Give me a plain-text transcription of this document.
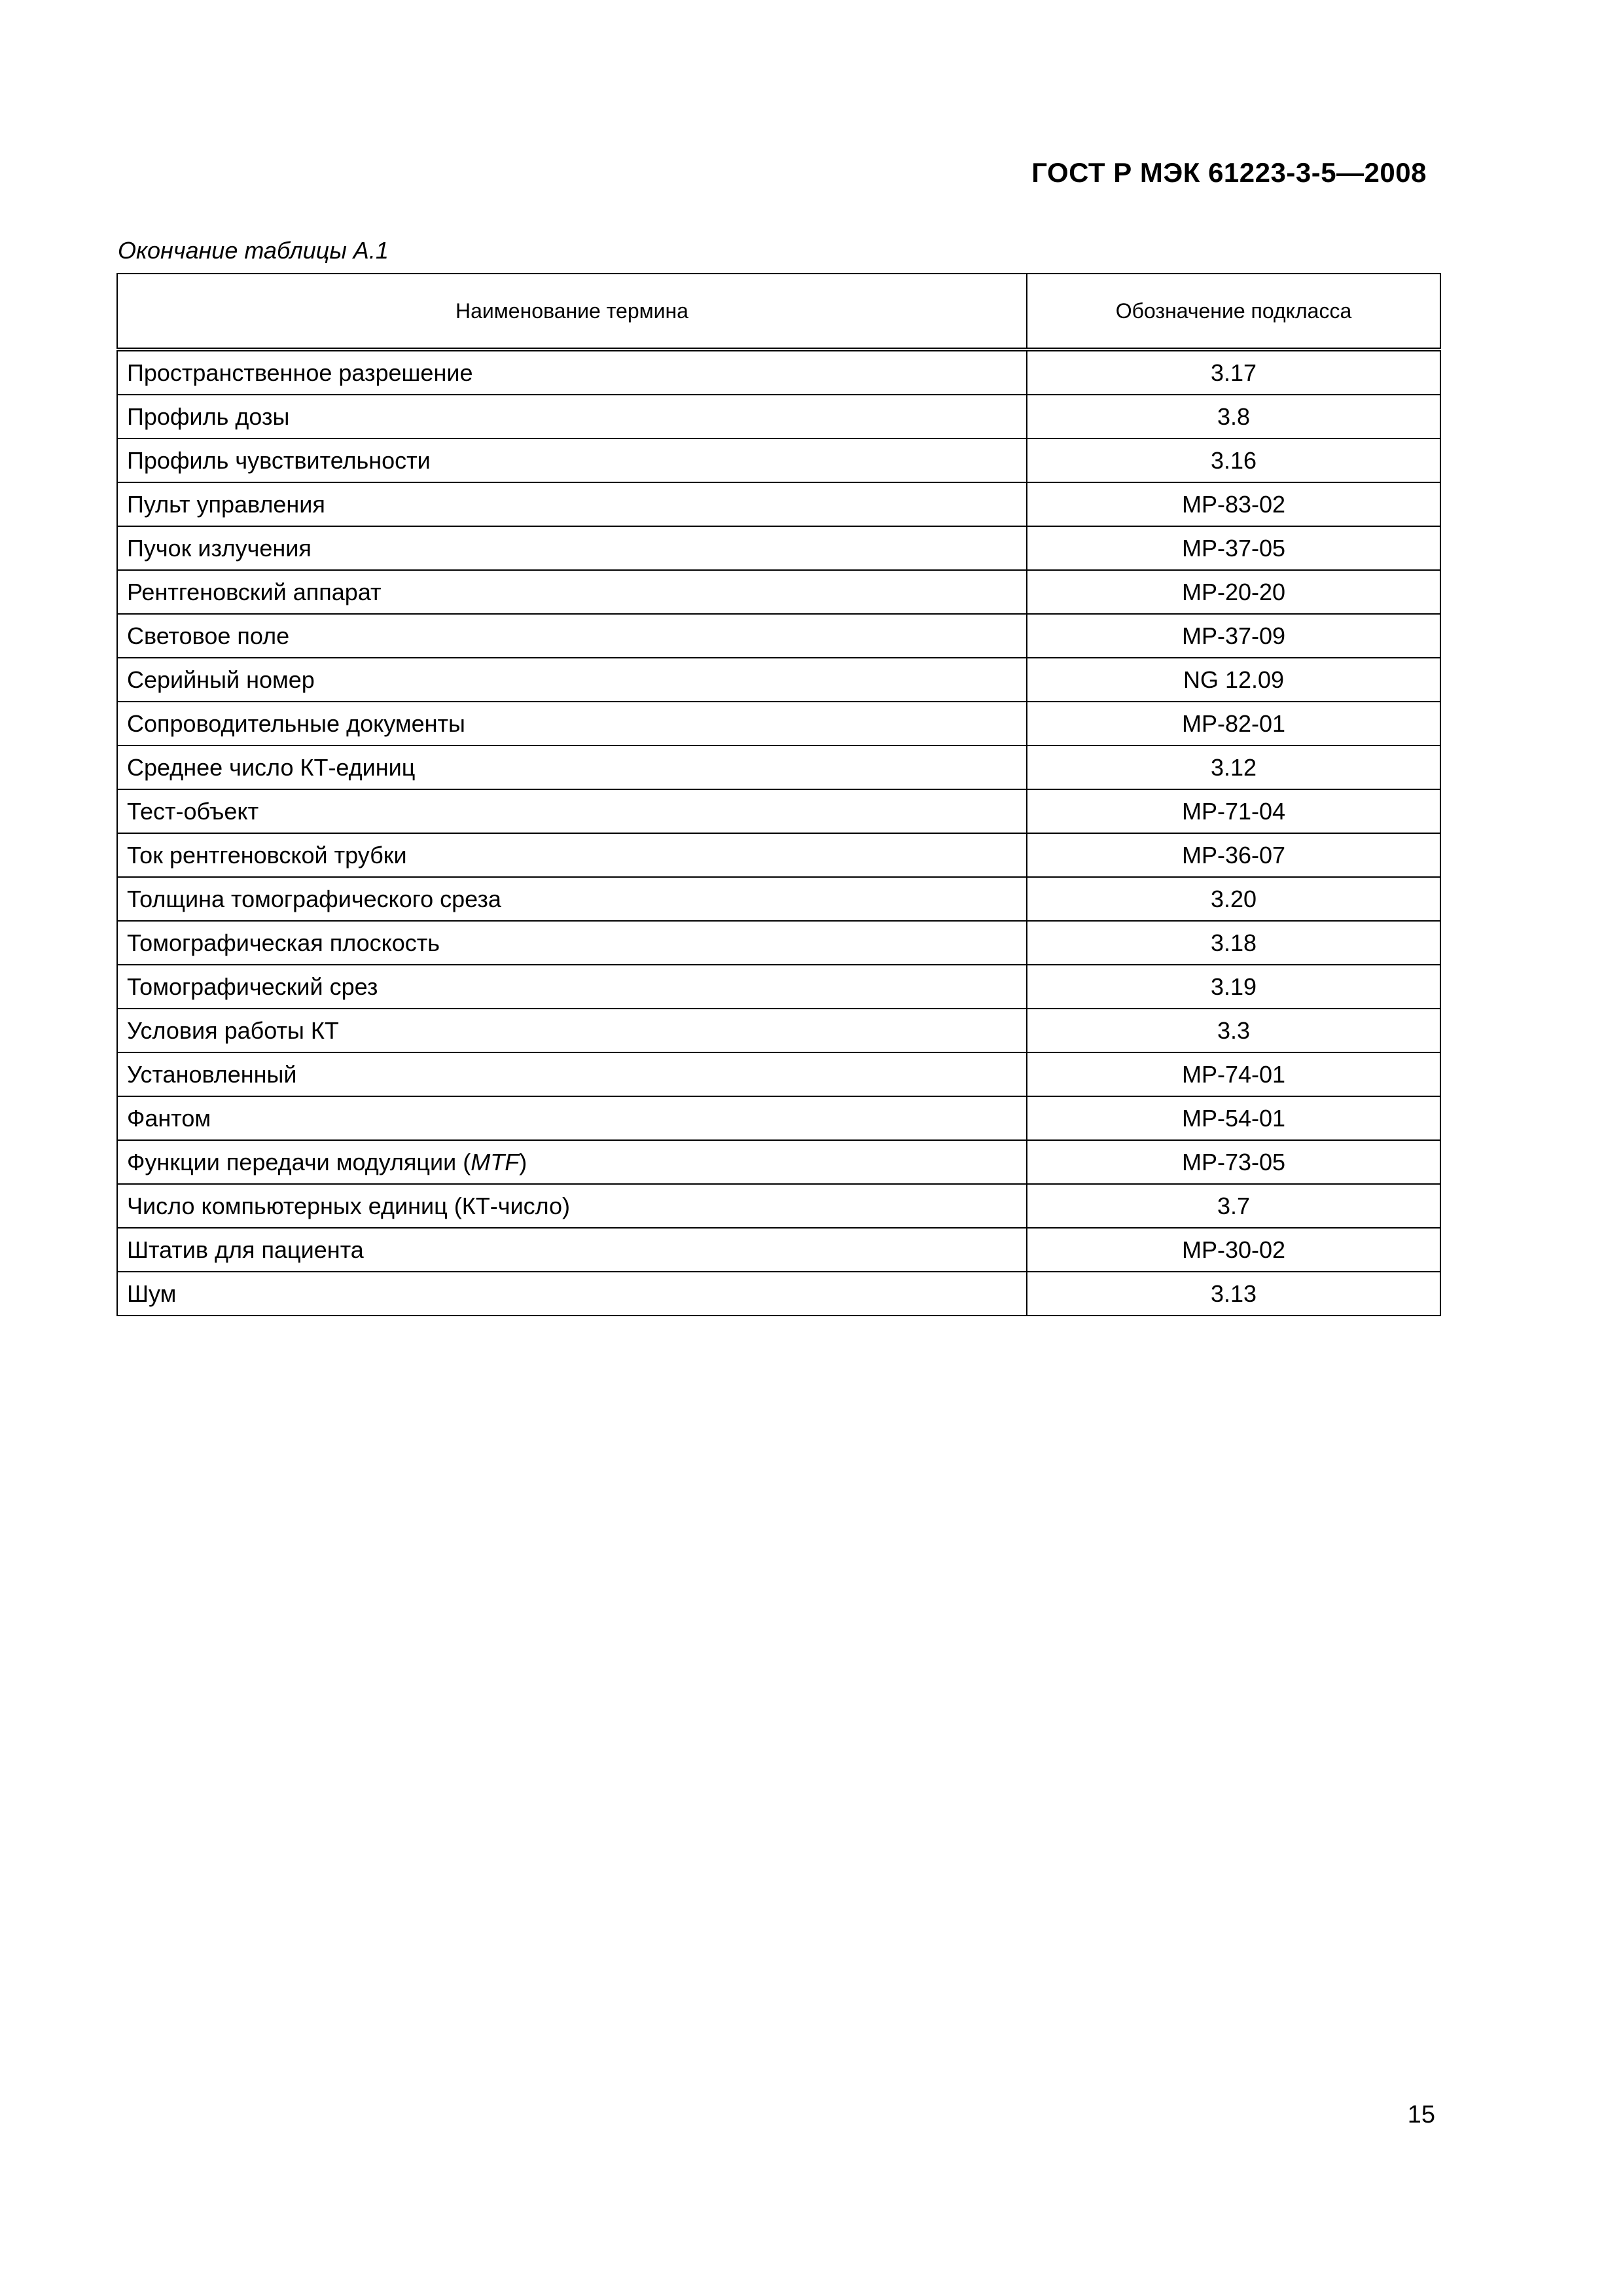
ГОСТ Р МЭК 61223-3-5—2008
Окончание таблицы А.1
Наименование термина	Обозначение подкласса
Пространственное разрешение	3.17
Профиль дозы	3.8
Профиль чувствительности	3.16
Пульт управления	МР-83-02
Пучок излучения	МР-37-05
Рентгеновский аппарат	МР-20-20
Световое поле	МР-37-09
Серийный номер	NG 12.09
Сопроводительные документы	МР-82-01
Среднее число КТ-единиц	3.12
Тест-объект	МР-71-04
Ток рентгеновской трубки	МР-36-07
Толщина томографического среза	3.20
Томографическая плоскость	3.18
Томографический срез	3.19
Условия работы КТ	3.3
Установленный	МР-74-01
Фантом	МР-54-01
Функции передачи модуляции (MTF)	МР-73-05
Число компьютерных единиц (КТ-число)	3.7
Штатив для пациента	МР-30-02
Шум	3.13
15
